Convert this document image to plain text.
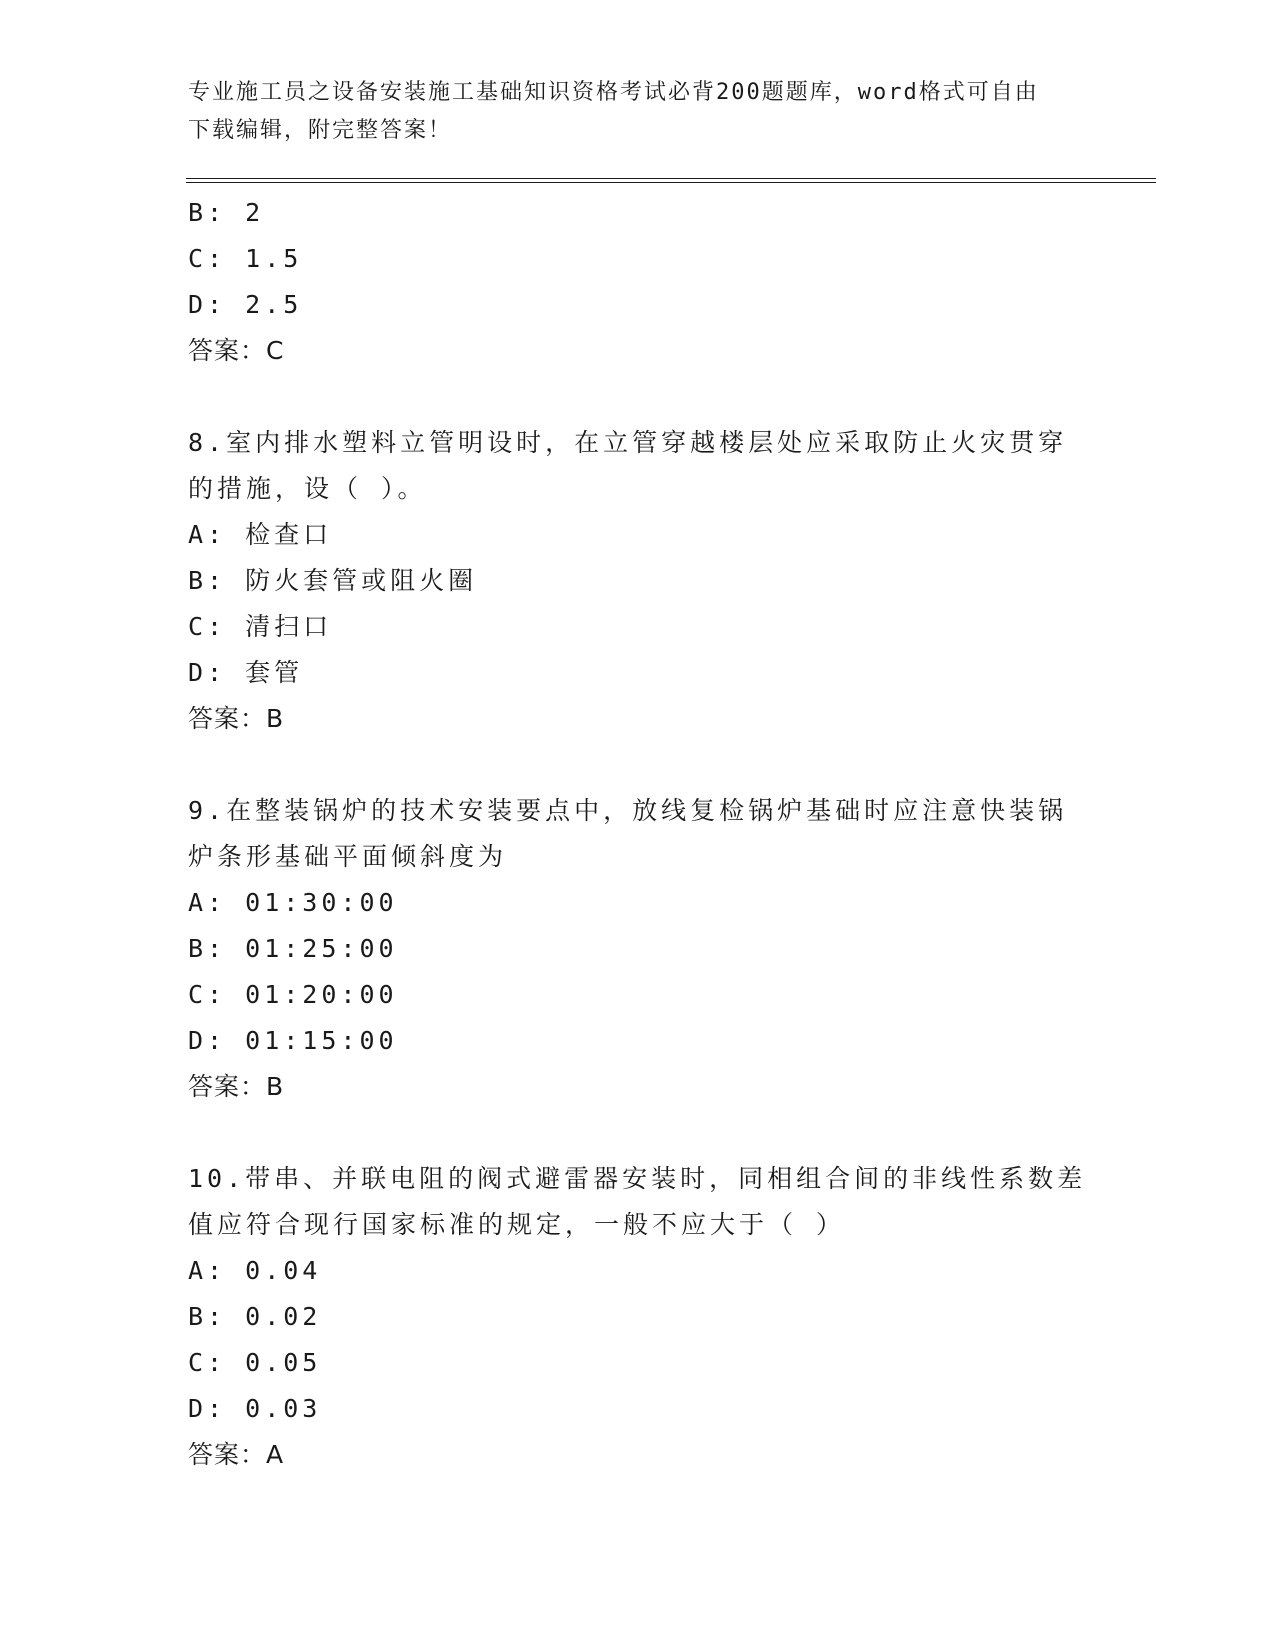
专业施工员之设备安装施工基础知识资格考试必背200题题库，word格式可自由
下载编辑，附完整答案！
B: 2
C: 1.5
D: 2.5
答案：C
8.室内排水塑料立管明设时，在立管穿越楼层处应采取防止火灾贯穿
的措施，设（ ）。
A: 检查口
B: 防火套管或阻火圈
C: 清扫口
D: 套管
答案：B
9.在整装锅炉的技术安装要点中，放线复检锅炉基础时应注意快装锅
炉条形基础平面倾斜度为
A: 01:30:00
B: 01:25:00
C: 01:20:00
D: 01:15:00
答案：B
10.带串、并联电阻的阀式避雷器安装时，同相组合间的非线性系数差
值应符合现行国家标准的规定，一般不应大于（ ）
A: 0.04
B: 0.02
C: 0.05
D: 0.03
答案：A
